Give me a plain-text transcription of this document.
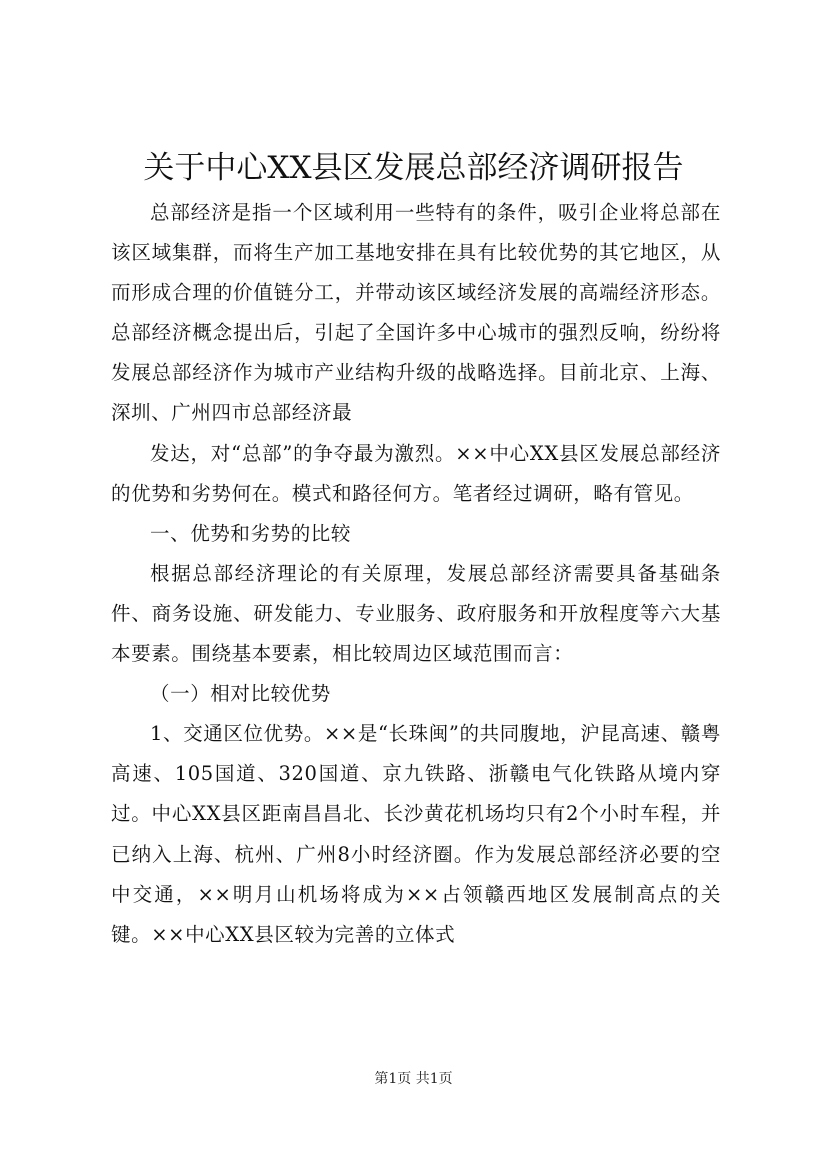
关于中心XX县区发展总部经济调研报告

总部经济是指一个区域利用一些特有的条件，吸引企业将总部在该区域集群，而将生产加工基地安排在具有比较优势的其它地区，从而形成合理的价值链分工，并带动该区域经济发展的高端经济形态。总部经济概念提出后，引起了全国许多中心城市的强烈反响，纷纷将发展总部经济作为城市产业结构升级的战略选择。目前北京、上海、深圳、广州四市总部经济最

发达，对“总部”的争夺最为激烈。××中心XX县区发展总部经济的优势和劣势何在。模式和路径何方。笔者经过调研，略有管见。

一、优势和劣势的比较

根据总部经济理论的有关原理，发展总部经济需要具备基础条件、商务设施、研发能力、专业服务、政府服务和开放程度等六大基本要素。围绕基本要素，相比较周边区域范围而言：

（一）相对比较优势

1、交通区位优势。××是“长珠闽”的共同腹地，沪昆高速、赣粤高速、105国道、320国道、京九铁路、浙赣电气化铁路从境内穿过。中心XX县区距南昌昌北、长沙黄花机场均只有2个小时车程，并已纳入上海、杭州、广州8小时经济圈。作为发展总部经济必要的空中交通，××明月山机场将成为××占领赣西地区发展制高点的关键。××中心XX县区较为完善的立体式

第1页 共1页
